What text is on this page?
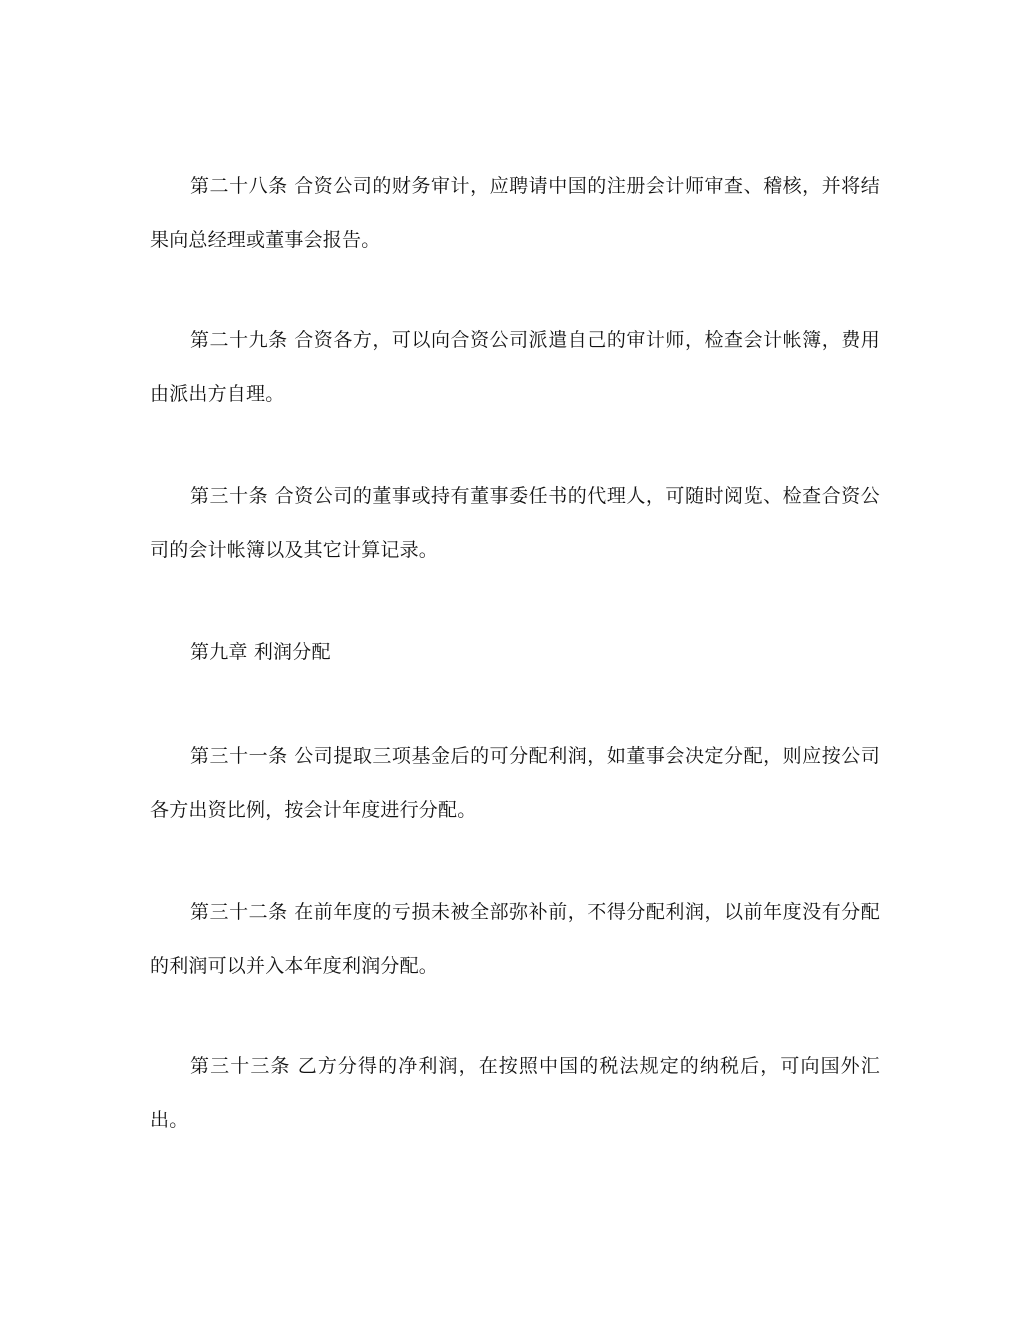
第二十八条 合资公司的财务审计，应聘请中国的注册会计师审查、稽核，并将结果向总经理或董事会报告。

第二十九条 合资各方，可以向合资公司派遣自己的审计师，检查会计帐簿，费用由派出方自理。

第三十条 合资公司的董事或持有董事委任书的代理人，可随时阅览、检查合资公司的会计帐簿以及其它计算记录。

第九章 利润分配

第三十一条 公司提取三项基金后的可分配利润，如董事会决定分配，则应按公司各方出资比例，按会计年度进行分配。

第三十二条 在前年度的亏损未被全部弥补前，不得分配利润，以前年度没有分配的利润可以并入本年度利润分配。

第三十三条 乙方分得的净利润，在按照中国的税法规定的纳税后，可向国外汇出。
